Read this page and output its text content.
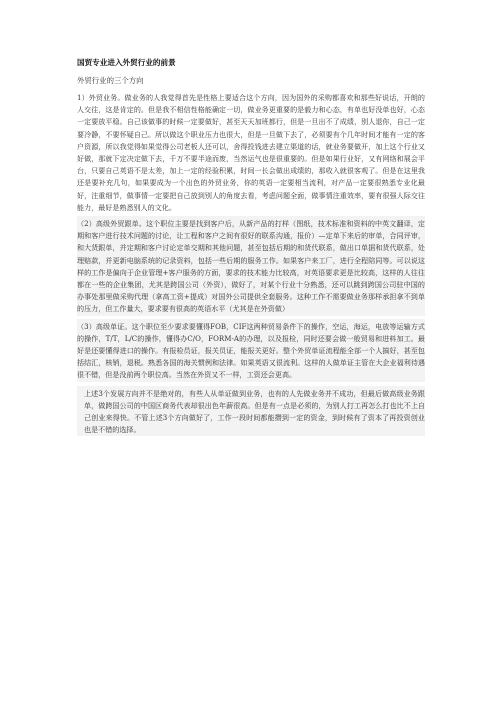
国贸专业进入外贸行业的前景
外贸行业的三个方向
1）外贸业务。做业务的人我觉得首先是性格上要适合这个方向，因为国外的采购都喜欢和那些好说话，开朗的人交往，这是肯定的。但是我不相信性格能确定一切，做业务更重要的是毅力和心态，有单也好没单也好，心态一定要放平稳。自己该做事的时候一定要做好，甚至天天加班都行，但是一旦出不了成绩，别人退你，自己一定要冷静，不要怀疑自己。所以做这个职业压力也很大，但是一旦做下去了，必须要有个几年时间才能有一定的客户资源，所以我觉得如果觉得公司老板人还可以，舍得投钱进去建立渠道的话，就业务要做开，加上这个行业又好做，那就下定决定做下去，千万不要半途而废，当然运气也是很重要的。但是如果行业好，又有网络和展会平台，只要自己英语不是太差，加上一定的经验积累，时间一长会做出成绩的，那收入就很客观了。但是在这里我还是要补充几句，如果要成为一个出色的外贸业务，你的英语一定要相当流利，对产品一定要很熟悉专业化最好，注重细节，做事情一定要把自己放到别人的角度去看，考虑问题全面，做事情注重效率，要有很强人际交往能力，最好是熟悉别人的文化。
（2）高级外贸跟单。这个职位主要是找到客户后，从新产品的打样（图纸，技术标准和资料的中英文翻译，定期和客户进行技术问题的讨论，让工程和客户之间有很好的联系沟通，报价）—定单下来后的审单，合同评审，和大货跟单，并定期和客户讨论定单交期和其他问题，甚至包括后期的和货代联系，做出口单据和货代联系，处理赔款，并更新电脑系统的记录资料，包括一些后期的服务工作。如果客户来工厂，进行全程陪同等。可以说这样的工作是偏向于企业管理+客户服务的方面，要求的技术能力比较高，对英语要求更是比较高，这样的人往往都在一些的企业集团，尤其是跨国公司（外资），做好了，对某个行业十分熟悉，还可以跳到跨国公司驻中国的办事处那里做采购代理（拿高工资+提成）对国外公司提供全套服务。这种工作不需要做业务那样承担拿不到单的压力，但工作量大，要求要有很高的英语水平（尤其是在外资做）
（3）高级单证。这个职位至少要求要懂得FOB，CIF这两种贸易条件下的操作，空运，海运，电放等运输方式的操作，T/T，L/C的操作，懂得办C/O，FORM-A的办理，以及报检，同时还要会做一般贸易和进料加工。最好是还要懂得进口的操作。有报检员证，报关员证，能报关更好。整个外贸单证流程能全部一个人搞好，甚至包括结汇，核销，退税。熟悉各国的海关惯例和法律。如果英语又很流利。这样的人做单证主管在大企业福利待遇很不错，但是没前两个职位高。当然在外资又不一样，工资还会更高。
上述3个发展方向并不是绝对的，有些人从单证做到业务，也有的人先做业务并不成功，但最后做高级业务跟单，做跨国公司的中国区商务代表却很出色年薪很高。但是有一点是必须的，为别人打工再怎么打也比不上自己创业来得快。不管上述3个方向做好了，工作一段时间都能攒到一定的资金，到时候有了资本了再投资创业也是不错的选择。
